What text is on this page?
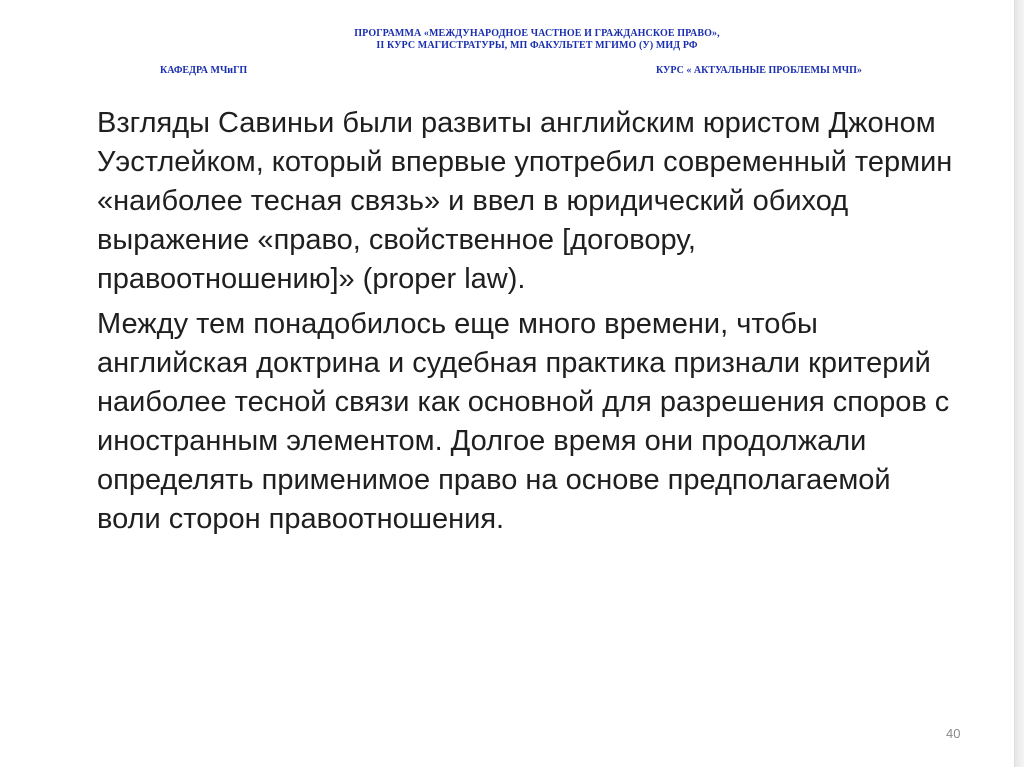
ПРОГРАММА «МЕЖДУНАРОДНОЕ ЧАСТНОЕ И ГРАЖДАНСКОЕ ПРАВО»,
II КУРС МАГИСТРАТУРЫ, МП ФАКУЛЬТЕТ МГИМО (У) МИД РФ
КАФЕДРА МЧиГП	КУРС « АКТУАЛЬНЫЕ ПРОБЛЕМЫ МЧП»

Взгляды Савиньи были развиты английским юристом Джоном Уэстлейком, который впервые употребил современный термин «наиболее тесная связь» и ввел в юридический обиход выражение «право, свойственное [договору, правоотношению]» (proper law).

Между тем понадобилось еще много времени, чтобы английская доктрина и судебная практика признали критерий наиболее тесной связи как основной для разрешения споров с иностранным элементом. Долгое время они продолжали определять применимое право на основе предполагаемой воли сторон правоотношения.

40
